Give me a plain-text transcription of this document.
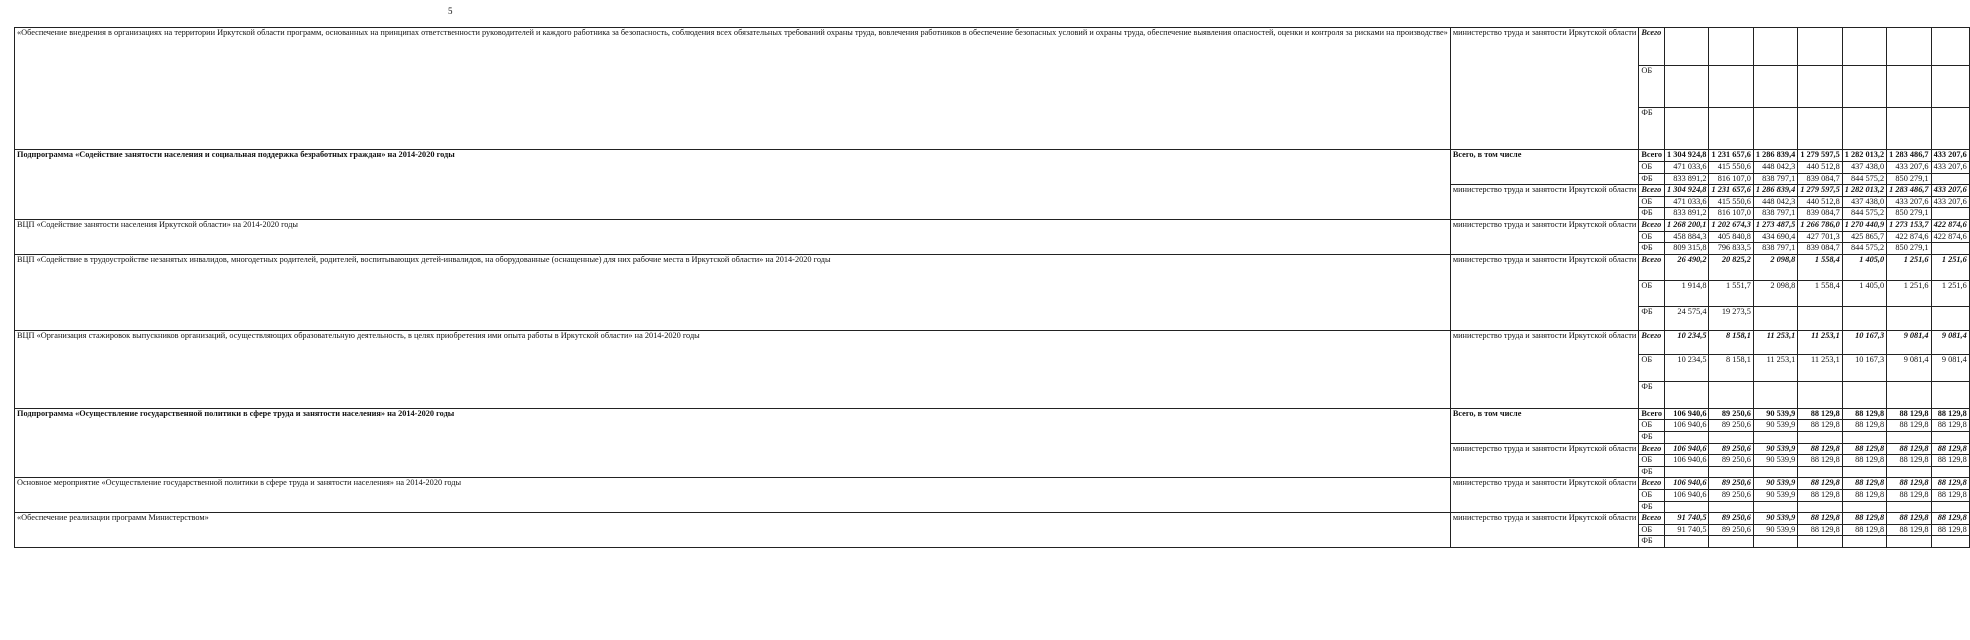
5
«Обеспечение внедрения в организациях на территории Иркутской области программ, основанных на принципах ответственности руководителей и каждого работника за безопасность, соблюдения всех обязательных требований охраны труда, вовлечения работников в обеспечение безопасных условий и охраны труда, обеспечение выявления опасностей, оценки и контроля за рисками на производстве»	министерство труда и занятости Иркутской области	Всего							
		ОБ							
		ФБ							
Подпрограмма «Содействие занятости населения и социальная поддержка безработных граждан» на 2014-2020 годы	Всего, в том числе	Всего	1 304 924,8	1 231 657,6	1 286 839,4	1 279 597,5	1 282 013,2	1 283 486,7	433 207,6
		ОБ	471 033,6	415 550,6	448 042,3	440 512,8	437 438,0	433 207,6	433 207,6
		ФБ	833 891,2	816 107,0	838 797,1	839 084,7	844 575,2	850 279,1	
	министерство труда и занятости Иркутской области	Всего	1 304 924,8	1 231 657,6	1 286 839,4	1 279 597,5	1 282 013,2	1 283 486,7	433 207,6
		ОБ	471 033,6	415 550,6	448 042,3	440 512,8	437 438,0	433 207,6	433 207,6
		ФБ	833 891,2	816 107,0	838 797,1	839 084,7	844 575,2	850 279,1	
ВЦП «Содействие занятости населения Иркутской области» на 2014-2020 годы	министерство труда и занятости Иркутской области	Всего	1 268 200,1	1 202 674,3	1 273 487,5	1 266 786,0	1 270 440,9	1 273 153,7	422 874,6
		ОБ	458 884,3	405 840,8	434 690,4	427 701,3	425 865,7	422 874,6	422 874,6
		ФБ	809 315,8	796 833,5	838 797,1	839 084,7	844 575,2	850 279,1	
ВЦП «Содействие в трудоустройстве незанятых инвалидов, многодетных родителей, родителей, воспитывающих детей-инвалидов, на оборудованные (оснащенные) для них рабочие места в Иркутской области» на 2014-2020 годы	министерство труда и занятости Иркутской области	Всего	26 490,2	20 825,2	2 098,8	1 558,4	1 405,0	1 251,6	1 251,6
		ОБ	1 914,8	1 551,7	2 098,8	1 558,4	1 405,0	1 251,6	1 251,6
		ФБ	24 575,4	19 273,5					
ВЦП «Организация стажировок выпускников организаций, осуществляющих образовательную деятельность, в целях приобретения ими опыта работы в Иркутской области» на 2014-2020 годы	министерство труда и занятости Иркутской области	Всего	10 234,5	8 158,1	11 253,1	11 253,1	10 167,3	9 081,4	9 081,4
		ОБ	10 234,5	8 158,1	11 253,1	11 253,1	10 167,3	9 081,4	9 081,4
		ФБ							
Подпрограмма «Осуществление государственной политики в сфере труда и занятости населения» на 2014-2020 годы	Всего, в том числе	Всего	106 940,6	89 250,6	90 539,9	88 129,8	88 129,8	88 129,8	88 129,8
		ОБ	106 940,6	89 250,6	90 539,9	88 129,8	88 129,8	88 129,8	88 129,8
		ФБ							
	министерство труда и занятости Иркутской области	Всего	106 940,6	89 250,6	90 539,9	88 129,8	88 129,8	88 129,8	88 129,8
		ОБ	106 940,6	89 250,6	90 539,9	88 129,8	88 129,8	88 129,8	88 129,8
		ФБ							
Основное мероприятие «Осуществление государственной политики в сфере труда и занятости населения» на 2014-2020 годы	министерство труда и занятости Иркутской области	Всего	106 940,6	89 250,6	90 539,9	88 129,8	88 129,8	88 129,8	88 129,8
		ОБ	106 940,6	89 250,6	90 539,9	88 129,8	88 129,8	88 129,8	88 129,8
		ФБ							
«Обеспечение реализации программ Министерством»	министерство труда и занятости Иркутской области	Всего	91 740,5	89 250,6	90 539,9	88 129,8	88 129,8	88 129,8	88 129,8
		ОБ	91 740,5	89 250,6	90 539,9	88 129,8	88 129,8	88 129,8	88 129,8
		ФБ							
